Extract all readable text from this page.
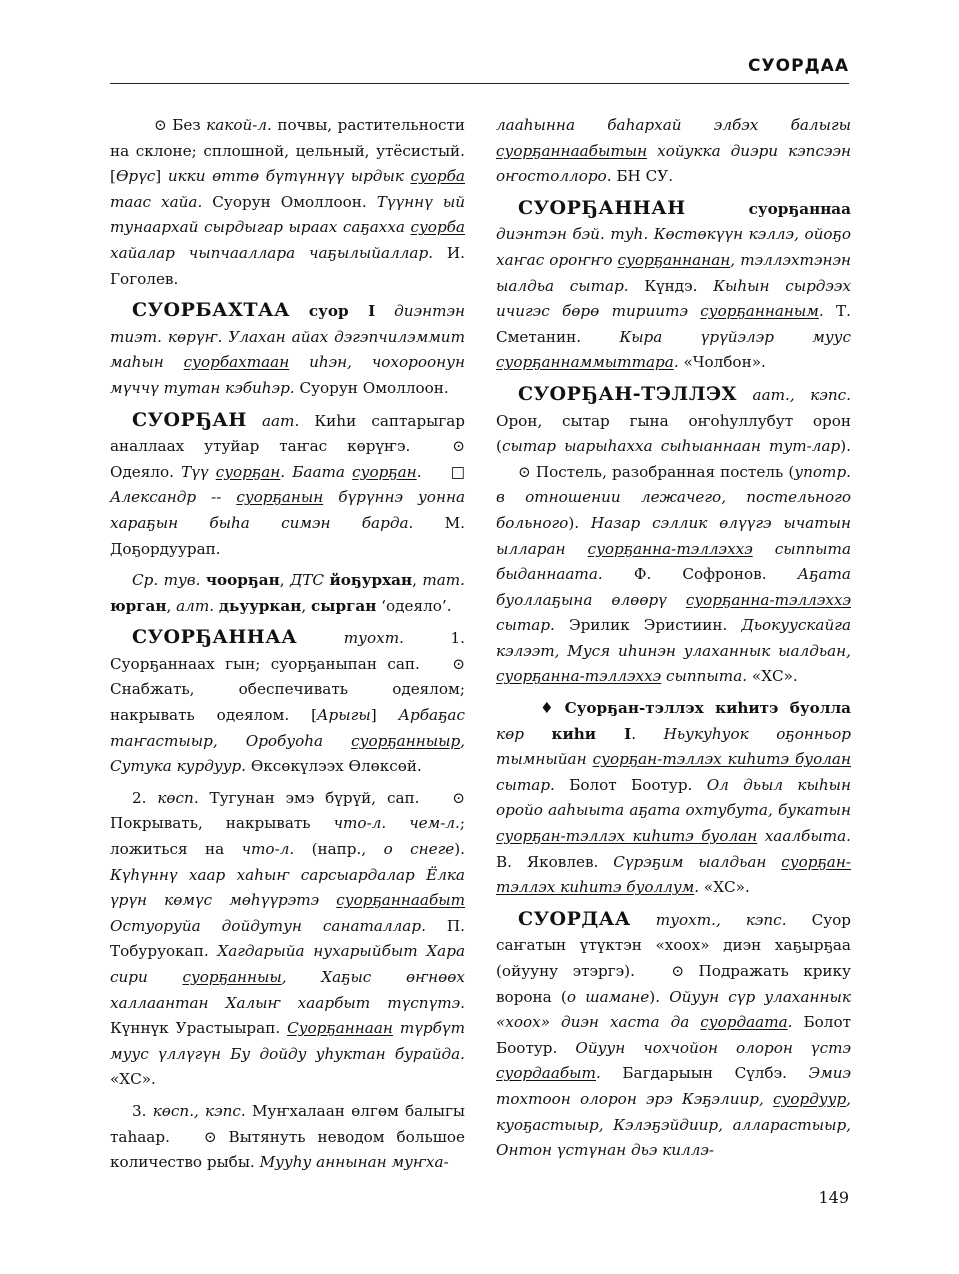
СУОРДАА

⊙ Без какой-л. почвы, растительности на склоне; сплошной, цельный, утёсистый. [Өрүс] икки өттө бүтүннүү ырдык суорба таас хайа. Суорун Омоллоон. Түүннү ый тунаархай сырдыгар ыраах саҕахха суорба хайалар чыпчааллара чаҕылыйаллар. И. Гоголев.

СУОРБАХТАА суор I диэнтэн тиэт. көрүҥ. Улахан айах дэгэпчилэммит маһын суорбахтаан иһэн, чохороонун мүччү тутан кэбиһэр. Суорун Омоллоон.

СУОРҔАН аат. Киһи саптарыгар аналлаах утуйар таҥас көрүҥэ. ⊙ Одеяло. Түү суорҕан. Баата суорҕан. □ Александр -- суорҕанын бүрүннэ уонна хараҕын быһа симэн барда. М. Доҕордуурап.

Ср. тув. чоорҕан, ДТС йоҕурхан, тат. юрган, алт. дьууркан, сырган ‘одеяло’.

СУОРҔАННАА	туохт. 1. Суорҕаннаах гын; суорҕаныпан сап. ⊙ Снабжать, обеспечивать одеялом; накрывать одеялом. [Арыгы] Арбаҕас таҥастыыр, Оробуоһа суорҕанныыр, Сутука курдуур. Өксөкүлээх Өлөксөй.

2. көсп. Тугунан эмэ бүрүй, сап. ⊙ Покрывать, накрывать что-л. чем-л.; ложиться на что-л. (напр., о снеге). Күһүннү хаар хаһыҥ сарсыардалар Ёлка үрүн көмүс мөһүүрэтэ суорҕаннаабыт Остуоруйа дойдутун санаталлар. П. Тобуруокап. Хагдарыйа нухарыйбыт Хара сири суорҕанныы, Хаҕыс өҥнөөх халлаантан Халыҥ хаарбыт түспүтэ. Күннүк Урастыырап. Суорҕаннаан түрбүт муус үллүгүн Бу дойду уһуктан бурайда. «ХС».

3. көсп., кэпс. Муҥхалаан өлгөм балыгы таһаар. ⊙ Вытянуть неводом большое количество рыбы. Мууһу аннынан муҥха-

лааһынна баһархай элбэх балыгы суорҕаннаабытын хойукка диэри кэпсээн оҥостоллоро. БН СУ.

СУОРҔАННАН	суорҕаннаа диэнтэн бэй. туһ. Көстөкүүн кэллэ, ойоҕо хаҥас ороҥҥо суорҕаннанан, тэллэхтэнэн ыалдьа сытар. Күндэ. Кыһын сырдээх ичигэс бөрө тириитэ суорҕаннаным. Т. Сметанин. Кыра үрүйэлэр муус суорҕаннаммыттара. «Чолбон».

СУОРҔАН-ТЭЛЛЭХ аат., кэпс. Орон, сытар гына оҥоһуллубут орон (сытар ыарыһахха сыһыаннаан тут-лар). ⊙ Постель, разобранная постель (употр. в отношении лежачего, постельного больного). Назар сэллик өлүүгэ ычатын ылларан суорҕанна-тэллэххэ сыппыта быданнаата. Ф. Софронов. Аҕата буоллаҕына өлөөрү суорҕанна-тэллэххэ сытар. Эрилик Эристиин. Дьокуускайга кэлээт, Муся иһинэн улаханнык ыалдьан, суорҕанна-тэллэххэ сыппыта. «ХС».

♦ Суорҕан-тэллэх киһитэ буолла көр киһи I. Ньукуһуок оҕонньор тымныйан суорҕан-тэллэх киһитэ буолан сытар. Болот Боотур. Ол дьыл кыһын оройо ааһыыта аҕата охтубута, букатын суорҕан-тэллэх киһитэ буолан хаалбыта. В. Яковлев. Сүрэҕим ыалдьан суорҕан-тэллэх киһитэ буоллум. «ХС».

СУОРДАА туохт., кэпс. Суор саҥатын үтүктэн «хоох» диэн хаҕырҕаа (ойууну этэргэ). ⊙ Подражать крику ворона (о шамане). Ойуун сүр улаханнык «хоох» диэн хаста да суордаата. Болот Боотур. Ойуун чохчойон олорон үстэ суордаабыт. Багдарыын Сүлбэ. Эмиэ тохтоон олорон эрэ Кэҕэлиир, суордуур, куоҕастыыр, Кэлэҕэйдиир, алларастыыр, Онтон үстүнан дьэ киллэ-

149
